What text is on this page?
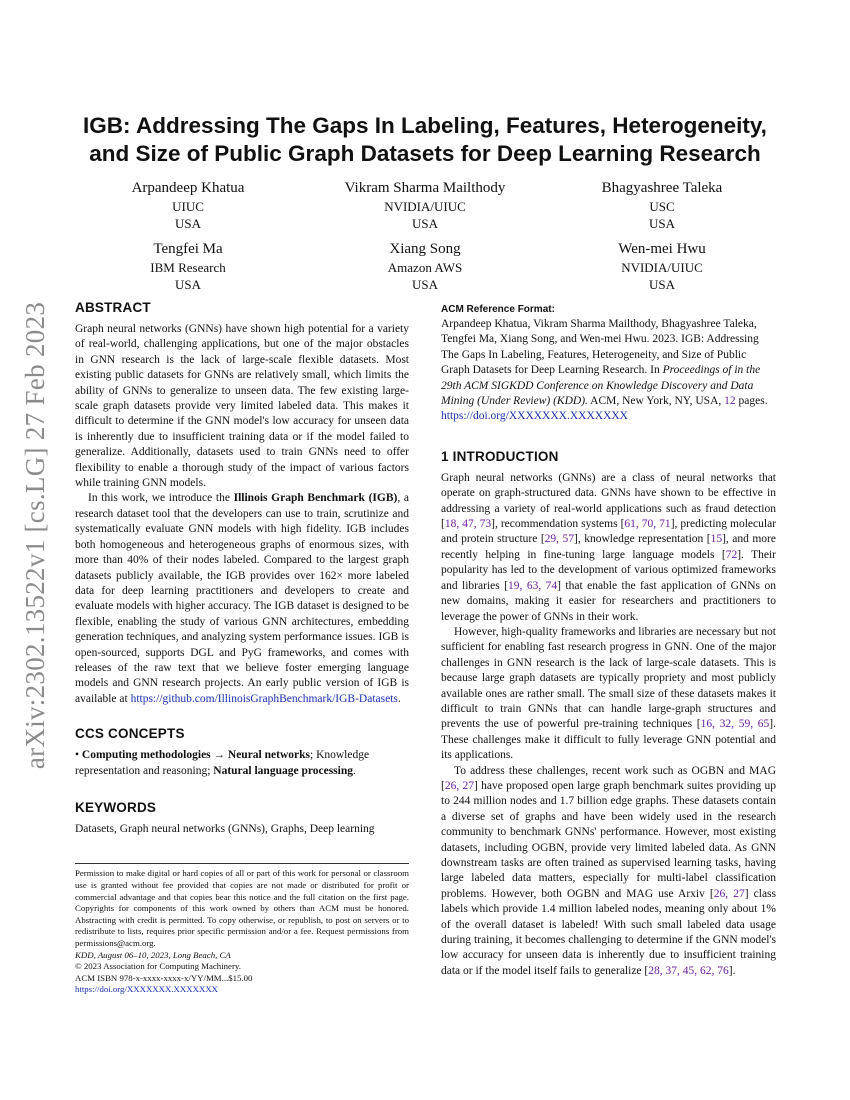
arXiv:2302.13522v1 [cs.LG] 27 Feb 2023
IGB: Addressing The Gaps In Labeling, Features, Heterogeneity, and Size of Public Graph Datasets for Deep Learning Research
Arpandeep Khatua
UIUC
USA
Vikram Sharma Mailthody
NVIDIA/UIUC
USA
Bhagyashree Taleka
USC
USA
Tengfei Ma
IBM Research
USA
Xiang Song
Amazon AWS
USA
Wen-mei Hwu
NVIDIA/UIUC
USA
ABSTRACT

Graph neural networks (GNNs) have shown high potential for a variety of real-world, challenging applications, but one of the major obstacles in GNN research is the lack of large-scale flexible datasets. Most existing public datasets for GNNs are relatively small, which limits the ability of GNNs to generalize to unseen data. The few existing large-scale graph datasets provide very limited labeled data. This makes it difficult to determine if the GNN model's low accuracy for unseen data is inherently due to insufficient training data or if the model failed to generalize. Additionally, datasets used to train GNNs need to offer flexibility to enable a thorough study of the impact of various factors while training GNN models.

In this work, we introduce the Illinois Graph Benchmark (IGB), a research dataset tool that the developers can use to train, scrutinize and systematically evaluate GNN models with high fidelity. IGB includes both homogeneous and heterogeneous graphs of enormous sizes, with more than 40% of their nodes labeled. Compared to the largest graph datasets publicly available, the IGB provides over 162× more labeled data for deep learning practitioners and developers to create and evaluate models with higher accuracy. The IGB dataset is designed to be flexible, enabling the study of various GNN architectures, embedding generation techniques, and analyzing system performance issues. IGB is open-sourced, supports DGL and PyG frameworks, and comes with releases of the raw text that we believe foster emerging language models and GNN research projects. An early public version of IGB is available at https://github.com/IllinoisGraphBenchmark/IGB-Datasets.

CCS CONCEPTS

• Computing methodologies → Neural networks; Knowledge representation and reasoning; Natural language processing.

KEYWORDS

Datasets, Graph neural networks (GNNs), Graphs, Deep learning

Permission to make digital or hard copies of all or part of this work for personal or classroom use is granted without fee provided that copies are not made or distributed for profit or commercial advantage and that copies bear this notice and the full citation on the first page. Copyrights for components of this work owned by others than ACM must be honored. Abstracting with credit is permitted. To copy otherwise, or republish, to post on servers or to redistribute to lists, requires prior specific permission and/or a fee. Request permissions from permissions@acm.org.

KDD, August 06–10, 2023, Long Beach, CA

© 2023 Association for Computing Machinery.

ACM ISBN 978-x-xxxx-xxxx-x/YY/MM...$15.00

https://doi.org/XXXXXXX.XXXXXXX

ACM Reference Format:

Arpandeep Khatua, Vikram Sharma Mailthody, Bhagyashree Taleka, Tengfei Ma, Xiang Song, and Wen-mei Hwu. 2023. IGB: Addressing The Gaps In Labeling, Features, Heterogeneity, and Size of Public Graph Datasets for Deep Learning Research. In Proceedings of in the 29th ACM SIGKDD Conference on Knowledge Discovery and Data Mining (Under Review) (KDD). ACM, New York, NY, USA, 12 pages. https://doi.org/XXXXXXX.XXXXXXX

1 INTRODUCTION

Graph neural networks (GNNs) are a class of neural networks that operate on graph-structured data. GNNs have shown to be effective in addressing a variety of real-world applications such as fraud detection [18, 47, 73], recommendation systems [61, 70, 71], predicting molecular and protein structure [29, 57], knowledge representation [15], and more recently helping in fine-tuning large language models [72]. Their popularity has led to the development of various optimized frameworks and libraries [19, 63, 74] that enable the fast application of GNNs on new domains, making it easier for researchers and practitioners to leverage the power of GNNs in their work.

However, high-quality frameworks and libraries are necessary but not sufficient for enabling fast research progress in GNN. One of the major challenges in GNN research is the lack of large-scale datasets. This is because large graph datasets are typically propriety and most publicly available ones are rather small. The small size of these datasets makes it difficult to train GNNs that can handle large-graph structures and prevents the use of powerful pre-training techniques [16, 32, 59, 65]. These challenges make it difficult to fully leverage GNN potential and its applications.

To address these challenges, recent work such as OGBN and MAG [26, 27] have proposed open large graph benchmark suites providing up to 244 million nodes and 1.7 billion edge graphs. These datasets contain a diverse set of graphs and have been widely used in the research community to benchmark GNNs' performance. However, most existing datasets, including OGBN, provide very limited labeled data. As GNN downstream tasks are often trained as supervised learning tasks, having large labeled data matters, especially for multi-label classification problems. However, both OGBN and MAG use Arxiv [26, 27] class labels which provide 1.4 million labeled nodes, meaning only about 1% of the overall dataset is labeled! With such small labeled data usage during training, it becomes challenging to determine if the GNN model's low accuracy for unseen data is inherently due to insufficient training data or if the model itself fails to generalize [28, 37, 45, 62, 76].
